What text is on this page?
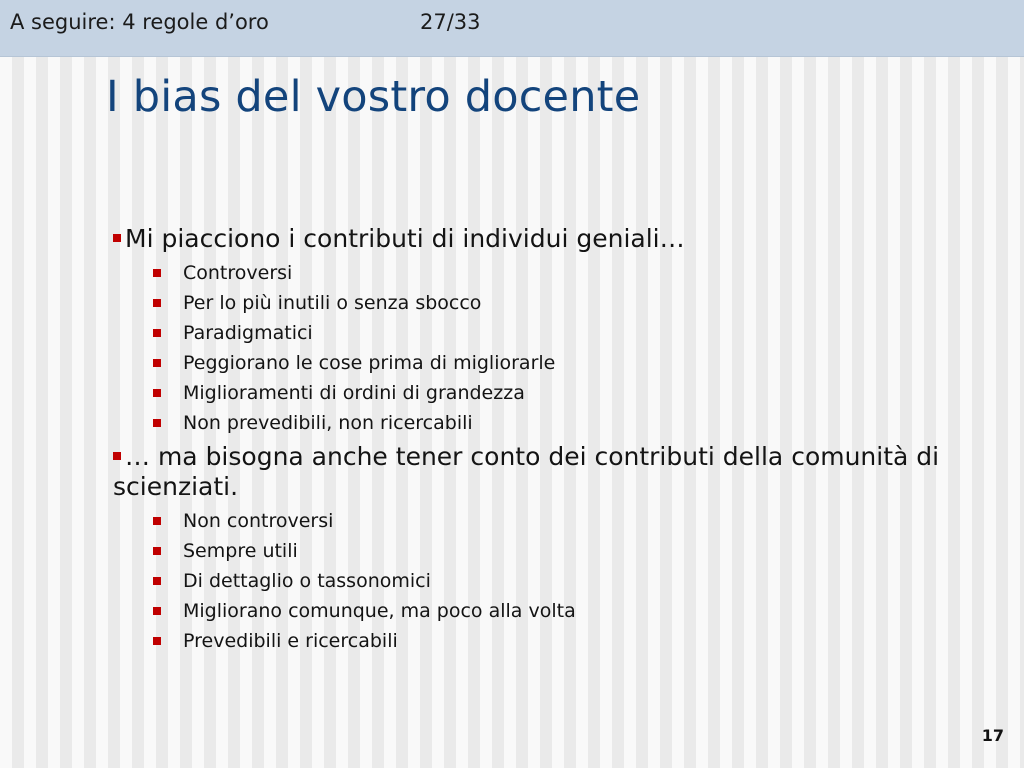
A seguire: 4 regole d’oro	27/33
I bias del vostro docente
Mi piacciono i contributi di individui geniali…
Controversi
Per lo più inutili o senza sbocco
Paradigmatici
Peggiorano le cose prima di migliorarle
Miglioramenti di ordini di grandezza
Non prevedibili, non ricercabili
… ma bisogna anche tener conto dei contributi della comunità di scienziati.
Non controversi
Sempre utili
Di dettaglio o tassonomici
Migliorano comunque, ma poco alla volta
Prevedibili e ricercabili
17
